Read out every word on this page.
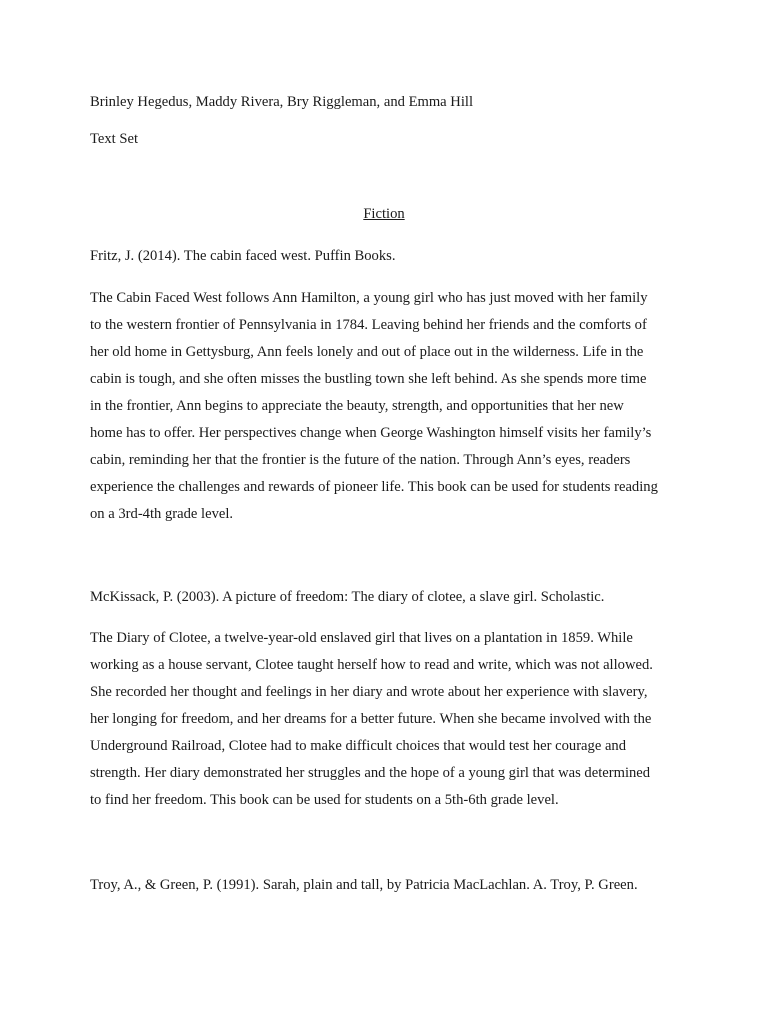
Brinley Hegedus, Maddy Rivera, Bry Riggleman, and Emma Hill
Text Set
Fiction
Fritz, J. (2014). The cabin faced west. Puffin Books.
The Cabin Faced West follows Ann Hamilton, a young girl who has just moved with her family
to the western frontier of Pennsylvania in 1784. Leaving behind her friends and the comforts of
her old home in Gettysburg, Ann feels lonely and out of place out in the wilderness. Life in the
cabin is tough, and she often misses the bustling town she left behind. As she spends more time
in the frontier, Ann begins to appreciate the beauty, strength, and opportunities that her new
home has to offer. Her perspectives change when George Washington himself visits her family’s
cabin, reminding her that the frontier is the future of the nation. Through Ann’s eyes, readers
experience the challenges and rewards of pioneer life. This book can be used for students reading
on a 3rd-4th grade level.
McKissack, P. (2003). A picture of freedom: The diary of clotee, a slave girl. Scholastic.
The Diary of Clotee, a twelve-year-old enslaved girl that lives on a plantation in 1859. While
working as a house servant, Clotee taught herself how to read and write, which was not allowed.
She recorded her thought and feelings in her diary and wrote about her experience with slavery,
her longing for freedom, and her dreams for a better future. When she became involved with the
Underground Railroad, Clotee had to make difficult choices that would test her courage and
strength. Her diary demonstrated her struggles and the hope of a young girl that was determined
to find her freedom. This book can be used for students on a 5th-6th grade level.
Troy, A., & Green, P. (1991). Sarah, plain and tall, by Patricia MacLachlan. A. Troy, P. Green.
